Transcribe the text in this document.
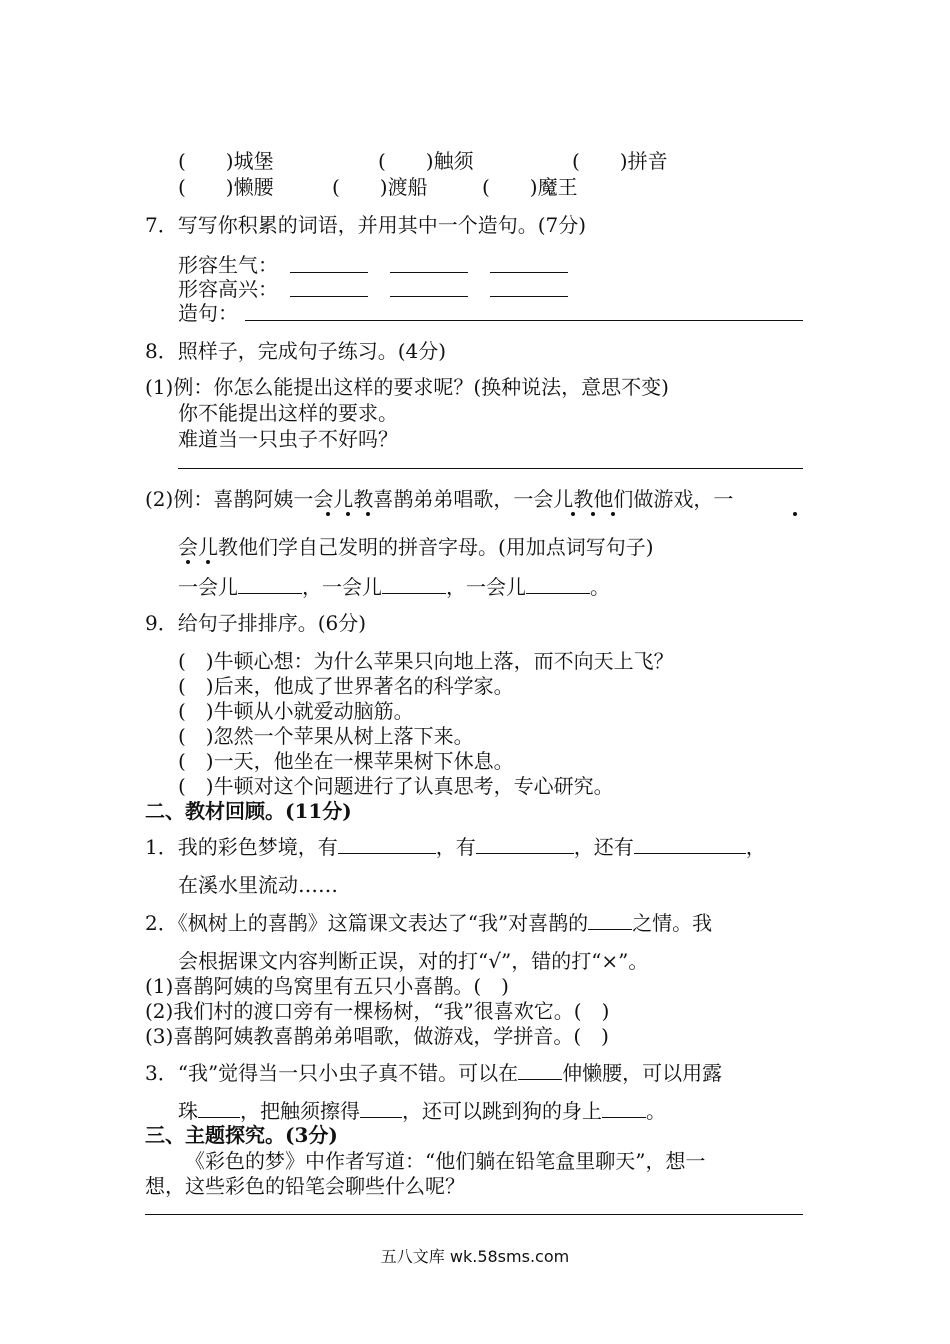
(　　)城堡	(　　)触须	(　　)拼音
(　　)懒腰	(　　)渡船	(　　)魔王
7．写写你积累的词语，并用其中一个造句。(7分)
形容生气：
形容高兴：
造句：
8．照样子，完成句子练习。(4分)
(1)例：你怎么能提出这样的要求呢？(换种说法，意思不变)
你不能提出这样的要求。
难道当一只虫子不好吗？
(2)例：喜鹊阿姨一会儿教喜鹊弟弟唱歌，一会儿教他们做游戏，一
会儿教他们学自己发明的拼音字母。(用加点词写句子)
一会儿	，一会儿	，一会儿	。
9．给句子排排序。(6分)
(　)牛顿心想：为什么苹果只向地上落，而不向天上飞？
(　)后来，他成了世界著名的科学家。
(　)牛顿从小就爱动脑筋。
(　)忽然一个苹果从树上落下来。
(　)一天，他坐在一棵苹果树下休息。
(　)牛顿对这个问题进行了认真思考，专心研究。
二、教材回顾。(11分)
1．我的彩色梦境，有	，有	，还有	，
在溪水里流动……
2．《枫树上的喜鹊》这篇课文表达了“我”对喜鹊的 之情。我
会根据课文内容判断正误，对的打“√”，错的打“×”。
(1)喜鹊阿姨的鸟窝里有五只小喜鹊。(　)
(2)我们村的渡口旁有一棵杨树，“我”很喜欢它。(　)
(3)喜鹊阿姨教喜鹊弟弟唱歌，做游戏，学拼音。(　)
3．“我”觉得当一只小虫子真不错。可以在 伸懒腰，可以用露
珠 ，把触须擦得 ，还可以跳到狗的身上 。
三、主题探究。(3分)
《彩色的梦》中作者写道：“他们躺在铅笔盒里聊天”，想一
想，这些彩色的铅笔会聊些什么呢？
五八文库 wk.58sms.com
